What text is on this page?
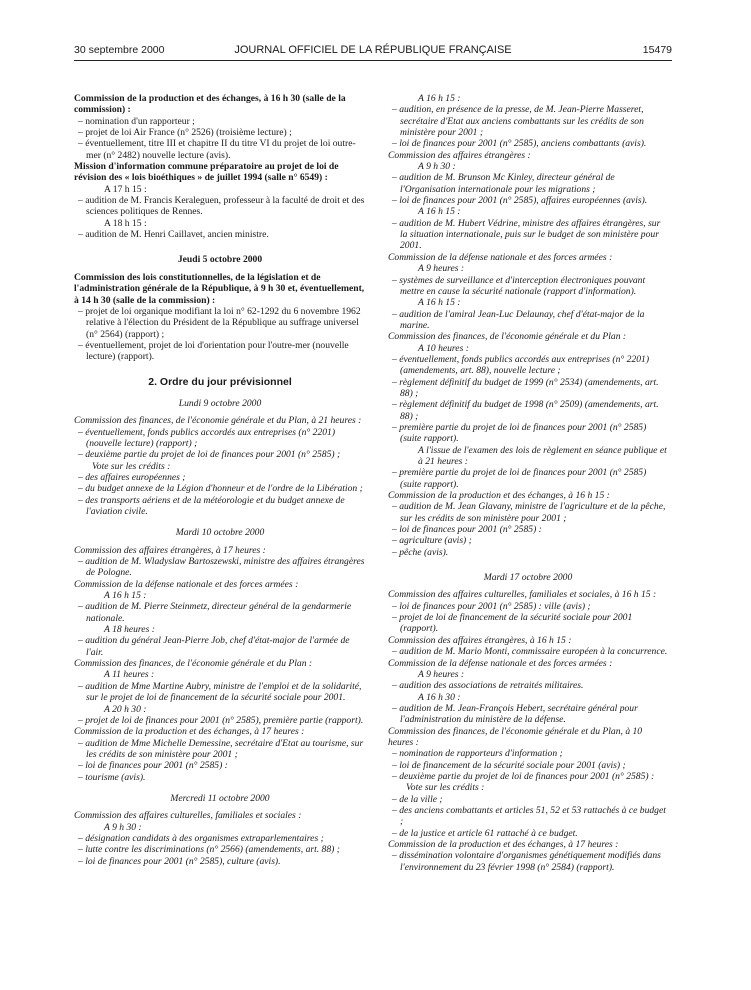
30 septembre 2000	JOURNAL OFFICIEL DE LA RÉPUBLIQUE FRANÇAISE	15479

Commission de la production et des échanges, à 16 h 30 (salle de la commission) :

– nomination d'un rapporteur ;

– projet de loi Air France (n° 2526) (troisième lecture) ;

– éventuellement, titre III et chapitre II du titre VI du projet de loi outre-mer (n° 2482) nouvelle lecture (avis).

Mission d'information commune préparatoire au projet de loi de révision des « lois bioéthiques » de juillet 1994 (salle n° 6549) :

A 17 h 15 :

– audition de M. Francis Keraleguen, professeur à la faculté de droit et des sciences politiques de Rennes.

A 18 h 15 :

– audition de M. Henri Caillavet, ancien ministre.

Jeudi 5 octobre 2000

Commission des lois constitutionnelles, de la législation et de l'administration générale de la République, à 9 h 30 et, éventuellement, à 14 h 30 (salle de la commission) :

– projet de loi organique modifiant la loi n° 62-1292 du 6 novembre 1962 relative à l'élection du Président de la République au suffrage universel (n° 2564) (rapport) ;

– éventuellement, projet de loi d'orientation pour l'outre-mer (nouvelle lecture) (rapport).

2. Ordre du jour prévisionnel

Lundi 9 octobre 2000

Commission des finances, de l'économie générale et du Plan, à 21 heures :

– éventuellement, fonds publics accordés aux entreprises (n° 2201) (nouvelle lecture) (rapport) ;

– deuxième partie du projet de loi de finances pour 2001 (n° 2585) ;

Vote sur les crédits :

– des affaires européennes ;

– du budget annexe de la Légion d'honneur et de l'ordre de la Libération ;

– des transports aériens et de la météorologie et du budget annexe de l'aviation civile.

Mardi 10 octobre 2000

Commission des affaires étrangères, à 17 heures :

– audition de M. Wladyslaw Bartoszewski, ministre des affaires étrangères de Pologne.

Commission de la défense nationale et des forces armées :

A 16 h 15 :

– audition de M. Pierre Steinmetz, directeur général de la gendarmerie nationale.

A 18 heures :

– audition du général Jean-Pierre Job, chef d'état-major de l'armée de l'air.

Commission des finances, de l'économie générale et du Plan :

A 11 heures :

– audition de Mme Martine Aubry, ministre de l'emploi et de la solidarité, sur le projet de loi de financement de la sécurité sociale pour 2001.

A 20 h 30 :

– projet de loi de finances pour 2001 (n° 2585), première partie (rapport).

Commission de la production et des échanges, à 17 heures :

– audition de Mme Michelle Demessine, secrétaire d'Etat au tourisme, sur les crédits de son ministère pour 2001 ;

– loi de finances pour 2001 (n° 2585) :

– tourisme (avis).

Mercredi 11 octobre 2000

Commission des affaires culturelles, familiales et sociales :

A 9 h 30 :

– désignation candidats à des organismes extraparlementaires ;

– lutte contre les discriminations (n° 2566) (amendements, art. 88) ;

– loi de finances pour 2001 (n° 2585), culture (avis).

A 16 h 15 :

– audition, en présence de la presse, de M. Jean-Pierre Masseret, secrétaire d'Etat aux anciens combattants sur les crédits de son ministère pour 2001 ;

– loi de finances pour 2001 (n° 2585), anciens combattants (avis).

Commission des affaires étrangères :

A 9 h 30 :

– audition de M. Brunson Mc Kinley, directeur général de l'Organisation internationale pour les migrations ;

– loi de finances pour 2001 (n° 2585), affaires européennes (avis).

A 16 h 15 :

– audition de M. Hubert Védrine, ministre des affaires étrangères, sur la situation internationale, puis sur le budget de son ministère pour 2001.

Commission de la défense nationale et des forces armées :

A 9 heures :

– systèmes de surveillance et d'interception électroniques pouvant mettre en cause la sécurité nationale (rapport d'information).

A 16 h 15 :

– audition de l'amiral Jean-Luc Delaunay, chef d'état-major de la marine.

Commission des finances, de l'économie générale et du Plan :

A 10 heures :

– éventuellement, fonds publics accordés aux entreprises (n° 2201) (amendements, art. 88), nouvelle lecture ;

– règlement définitif du budget de 1999 (n° 2534) (amendements, art. 88) ;

– règlement définitif du budget de 1998 (n° 2509) (amendements, art. 88) ;

– première partie du projet de loi de finances pour 2001 (n° 2585) (suite rapport).

A l'issue de l'examen des lois de règlement en séance publique et à 21 heures :

– première partie du projet de loi de finances pour 2001 (n° 2585) (suite rapport).

Commission de la production et des échanges, à 16 h 15 :

– audition de M. Jean Glavany, ministre de l'agriculture et de la pêche, sur les crédits de son ministère pour 2001 ;

– loi de finances pour 2001 (n° 2585) :

– agriculture (avis) ;

– pêche (avis).

Mardi 17 octobre 2000

Commission des affaires culturelles, familiales et sociales, à 16 h 15 :

– loi de finances pour 2001 (n° 2585) : ville (avis) ;

– projet de loi de financement de la sécurité sociale pour 2001 (rapport).

Commission des affaires étrangères, à 16 h 15 :

– audition de M. Mario Monti, commissaire européen à la concurrence.

Commission de la défense nationale et des forces armées :

A 9 heures :

– audition des associations de retraités militaires.

A 16 h 30 :

– audition de M. Jean-François Hebert, secrétaire général pour l'administration du ministère de la défense.

Commission des finances, de l'économie générale et du Plan, à 10 heures :

– nomination de rapporteurs d'information ;

– loi de financement de la sécurité sociale pour 2001 (avis) ;

– deuxième partie du projet de loi de finances pour 2001 (n° 2585) :

Vote sur les crédits :

– de la ville ;

– des anciens combattants et articles 51, 52 et 53 rattachés à ce budget ;

– de la justice et article 61 rattaché à ce budget.

Commission de la production et des échanges, à 17 heures :

– dissémination volontaire d'organismes génétiquement modifiés dans l'environnement du 23 février 1998 (n° 2584) (rapport).
